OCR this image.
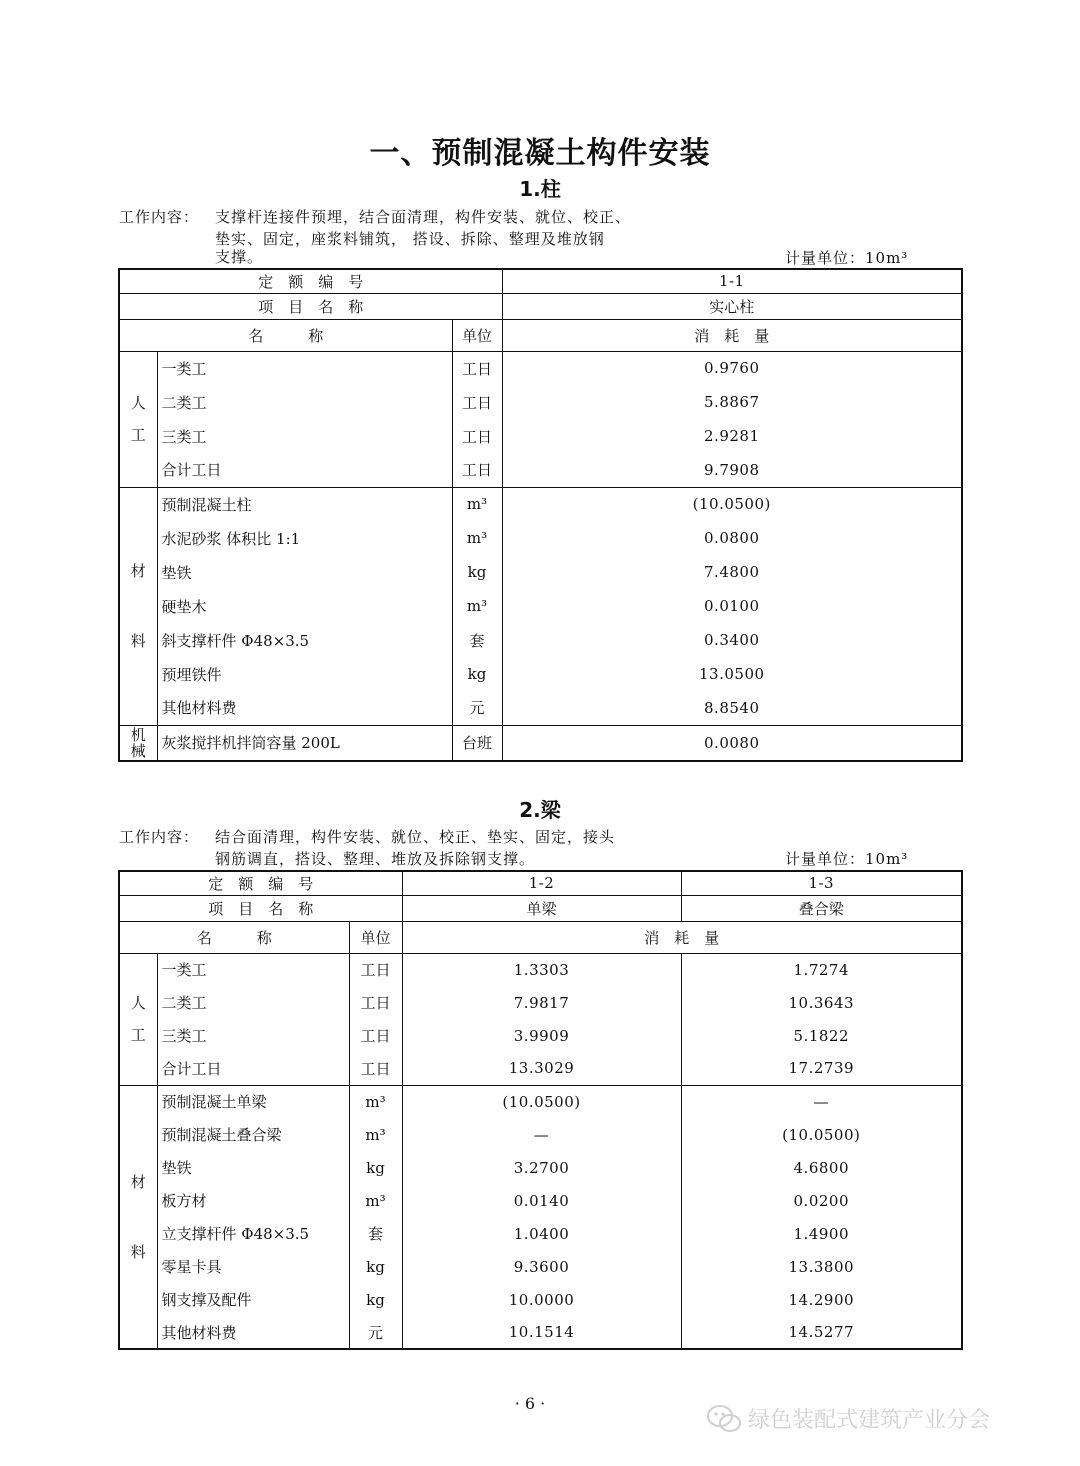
一、预制混凝土构件安装
1.柱
工作内容： 支撑杆连接件预埋，结合面清理，构件安装、就位、校正、
垫实、固定，座浆料铺筑， 搭设、拆除、整理及堆放钢
支撑。	计量单位：10m³
定　额　编　号			1-1
项　目　名　称			实心柱
名　　　称		单位	消　耗　量

人
工	一类工	工日	0.9760
	二类工	工日	5.8867
	三类工	工日	2.9281
	合计工日	工日	9.7908

材
料	预制混凝土柱	m³	(10.0500)
	水泥砂浆 体积比 1:1	m³	0.0800
	垫铁	kg	7.4800
	硬垫木	m³	0.0100
	斜支撑杆件 Φ48×3.5	套	0.3400
	预埋铁件	kg	13.0500
	其他材料费	元	8.8540

机
械	灰浆搅拌机拌筒容量 200L	台班	0.0080
2.梁
工作内容： 结合面清理，构件安装、就位、校正、垫实、固定，接头
钢筋调直，搭设、整理、堆放及拆除钢支撑。	计量单位：10m³
定　额　编　号			1-2	1-3
项　目　名　称			单梁	叠合梁
名　　　称		单位	消　耗　量	

人
工	一类工	工日	1.3303	1.7274
	二类工	工日	7.9817	10.3643
	三类工	工日	3.9909	5.1822
	合计工日	工日	13.3029	17.2739

材
料	预制混凝土单梁	m³	(10.0500)	—
	预制混凝土叠合梁	m³	—	(10.0500)
	垫铁	kg	3.2700	4.6800
	板方材	m³	0.0140	0.0200
	立支撑杆件 Φ48×3.5	套	1.0400	1.4900
	零星卡具	kg	9.3600	13.3800
	钢支撑及配件	kg	10.0000	14.2900
	其他材料费	元	10.1514	14.5277
· 6 ·
绿色装配式建筑产业分会
